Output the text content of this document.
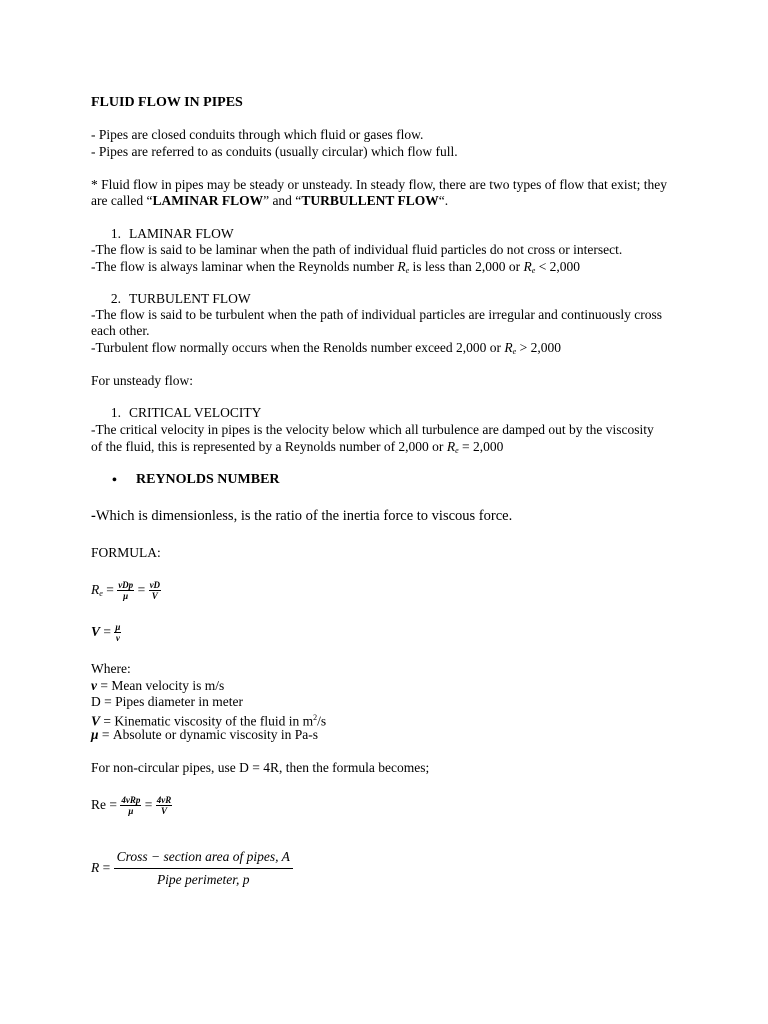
FLUID FLOW IN PIPES
- Pipes are closed conduits through which fluid or gases flow.
- Pipes are referred to as conduits (usually circular) which flow full.
* Fluid flow in pipes may be steady or unsteady. In steady flow, there are two types of flow that exist; they
are called “LAMINAR FLOW” and “TURBULLENT FLOW“.
1. LAMINAR FLOW
-The flow is said to be laminar when the path of individual fluid particles do not cross or intersect.
-The flow is always laminar when the Reynolds number $R_e$ is less than 2,000 or $R_e < 2,000$
2. TURBULENT FLOW
-The flow is said to be turbulent when the path of individual particles are irregular and continuously cross
each other.
-Turbulent flow normally occurs when the Renolds number exceed 2,000 or $R_e > 2,000$
For unsteady flow:
1. CRITICAL VELOCITY
-The critical velocity in pipes is the velocity below which all turbulence are damped out by the viscosity
of the fluid, this is represented by a Reynolds number of 2,000 or $R_e = 2,000$
• REYNOLDS NUMBER
-Which is dimensionless, is the ratio of the inertia force to viscous force.
FORMULA:
$R_e = \frac{\text{vDp}}{\mu} = \frac{vD}{V}$
$V = \frac{\mu}{v}$
Where:
v = Mean velocity is m/s
D = Pipes diameter in meter
V = Kinematic viscosity of the fluid in $m^2/s$
μ = Absolute or dynamic viscosity in Pa-s
For non-circular pipes, use D = 4R, then the formula becomes;
$Re = \frac{\text{4vRp}}{\mu} = \frac{4vR}{V}$
R =
Cross − section area of pipes, A
Pipe perimeter, p
